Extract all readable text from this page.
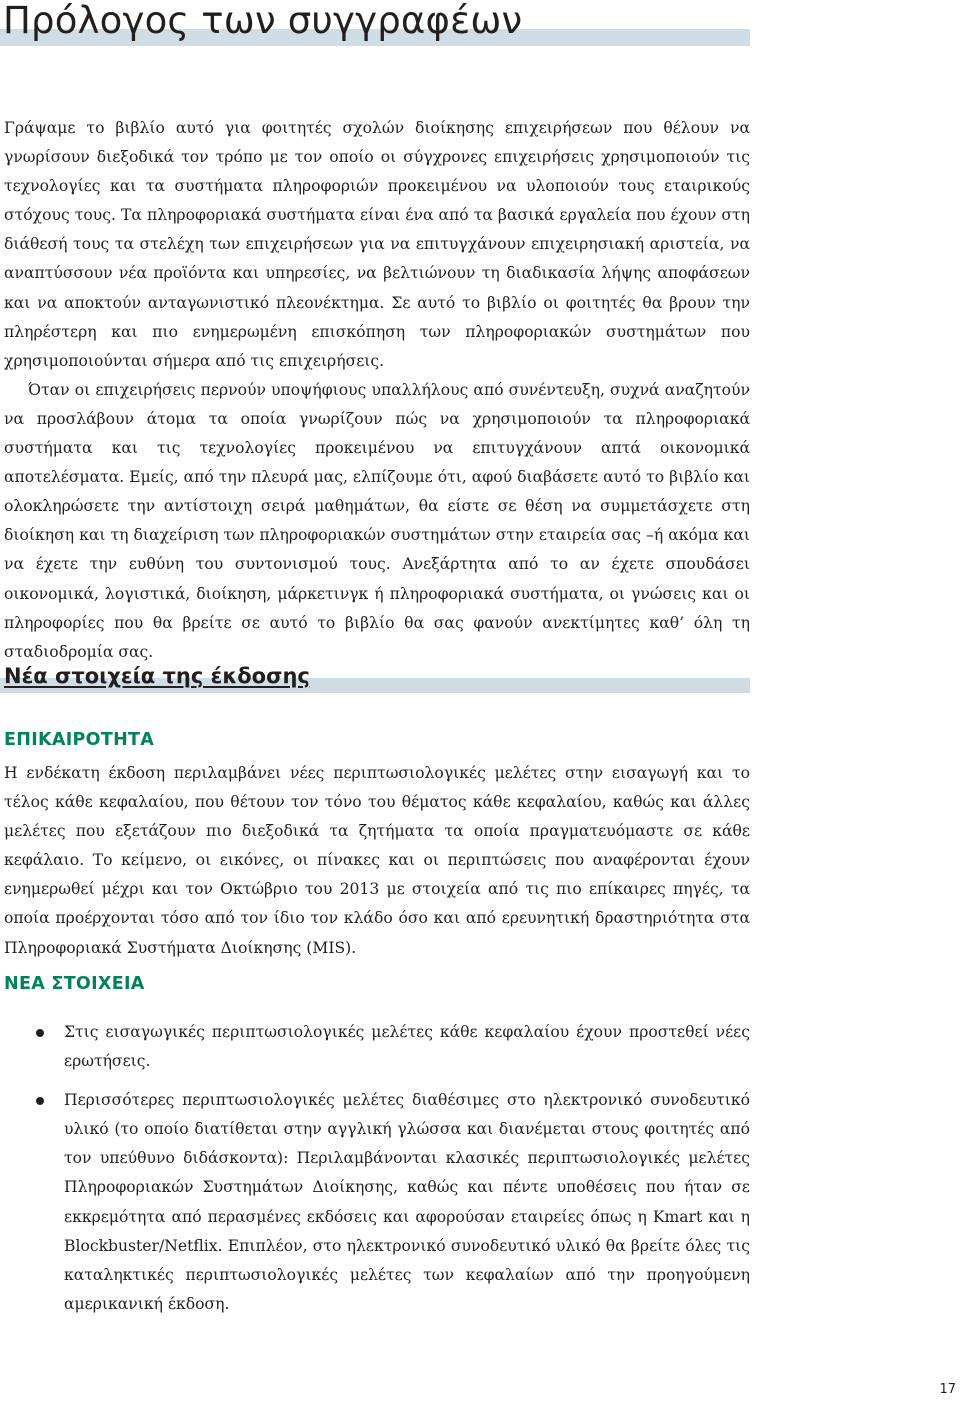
Πρόλογος των συγγραφέων

Γράψαμε το βιβλίο αυτό για φοιτητές σχολών διοίκησης επιχειρήσεων που θέλουν να γνωρίσουν διεξοδικά τον τρόπο με τον οποίο οι σύγχρονες επιχειρήσεις χρησιμοποιούν τις τεχνολογίες και τα συστήματα πληροφοριών προκειμένου να υλοποιούν τους εταιρικούς στόχους τους. Τα πληροφοριακά συστήματα είναι ένα από τα βασικά εργαλεία που έχουν στη διάθεσή τους τα στελέχη των επιχειρήσεων για να επιτυγχάνουν επιχειρησιακή αριστεία, να αναπτύσσουν νέα προϊόντα και υπηρεσίες, να βελτιώνουν τη διαδικασία λήψης αποφάσεων και να αποκτούν ανταγωνιστικό πλεονέκτημα. Σε αυτό το βιβλίο οι φοιτητές θα βρουν την πληρέστερη και πιο ενημερωμένη επισκόπηση των πληροφοριακών συστημάτων που χρησιμοποιούνται σήμερα από τις επιχειρήσεις.

Όταν οι επιχειρήσεις περνούν υποψήφιους υπαλλήλους από συνέντευξη, συχνά αναζητούν να προσλάβουν άτομα τα οποία γνωρίζουν πώς να χρησιμοποιούν τα πληροφοριακά συστήματα και τις τεχνολογίες προκειμένου να επιτυγχάνουν απτά οικονομικά αποτελέσματα. Εμείς, από την πλευρά μας, ελπίζουμε ότι, αφού διαβάσετε αυτό το βιβλίο και ολοκληρώσετε την αντίστοιχη σειρά μαθημάτων, θα είστε σε θέση να συμμετάσχετε στη διοίκηση και τη διαχείριση των πληροφοριακών συστημάτων στην εταιρεία σας –ή ακόμα και να έχετε την ευθύνη του συντονισμού τους. Ανεξάρτητα από το αν έχετε σπουδάσει οικονομικά, λογιστικά, διοίκηση, μάρκετινγκ ή πληροφοριακά συστήματα, οι γνώσεις και οι πληροφορίες που θα βρείτε σε αυτό το βιβλίο θα σας φανούν ανεκτίμητες καθ’ όλη τη σταδιοδρομία σας.

Νέα στοιχεία της έκδοσης
ΕΠΙΚΑΙΡΟΤΗΤΑ

Η ενδέκατη έκδοση περιλαμβάνει νέες περιπτωσιολογικές μελέτες στην εισαγωγή και το τέλος κάθε κεφαλαίου, που θέτουν τον τόνο του θέματος κάθε κεφαλαίου, καθώς και άλλες μελέτες που εξετάζουν πιο διεξοδικά τα ζητήματα τα οποία πραγματευόμαστε σε κάθε κεφάλαιο. Το κείμενο, οι εικόνες, οι πίνακες και οι περιπτώσεις που αναφέρονται έχουν ενημερωθεί μέχρι και τον Οκτώβριο του 2013 με στοιχεία από τις πιο επίκαιρες πηγές, τα οποία προέρχονται τόσο από τον ίδιο τον κλάδο όσο και από ερευνητική δραστηριότητα στα Πληροφοριακά Συστήματα Διοίκησης (MIS).

ΝΕΑ ΣΤΟΙΧΕΙΑ
Στις εισαγωγικές περιπτωσιολογικές μελέτες κάθε κεφαλαίου έχουν προστεθεί νέες ερωτήσεις.
Περισσότερες περιπτωσιολογικές μελέτες διαθέσιμες στο ηλεκτρονικό συνοδευτικό υλικό (το οποίο διατίθεται στην αγγλική γλώσσα και διανέμεται στους φοιτητές από τον υπεύθυνο διδάσκοντα): Περιλαμβάνονται κλασικές περιπτωσιολογικές μελέτες Πληροφοριακών Συστημάτων Διοίκησης, καθώς και πέντε υποθέσεις που ήταν σε εκκρεμότητα από περασμένες εκδόσεις και αφορούσαν εταιρείες όπως η Kmart και η Blockbuster/Netflix. Επιπλέον, στο ηλεκτρονικό συνοδευτικό υλικό θα βρείτε όλες τις καταληκτικές περιπτωσιολογικές μελέτες των κεφαλαίων από την προηγούμενη αμερικανική έκδοση.
17
